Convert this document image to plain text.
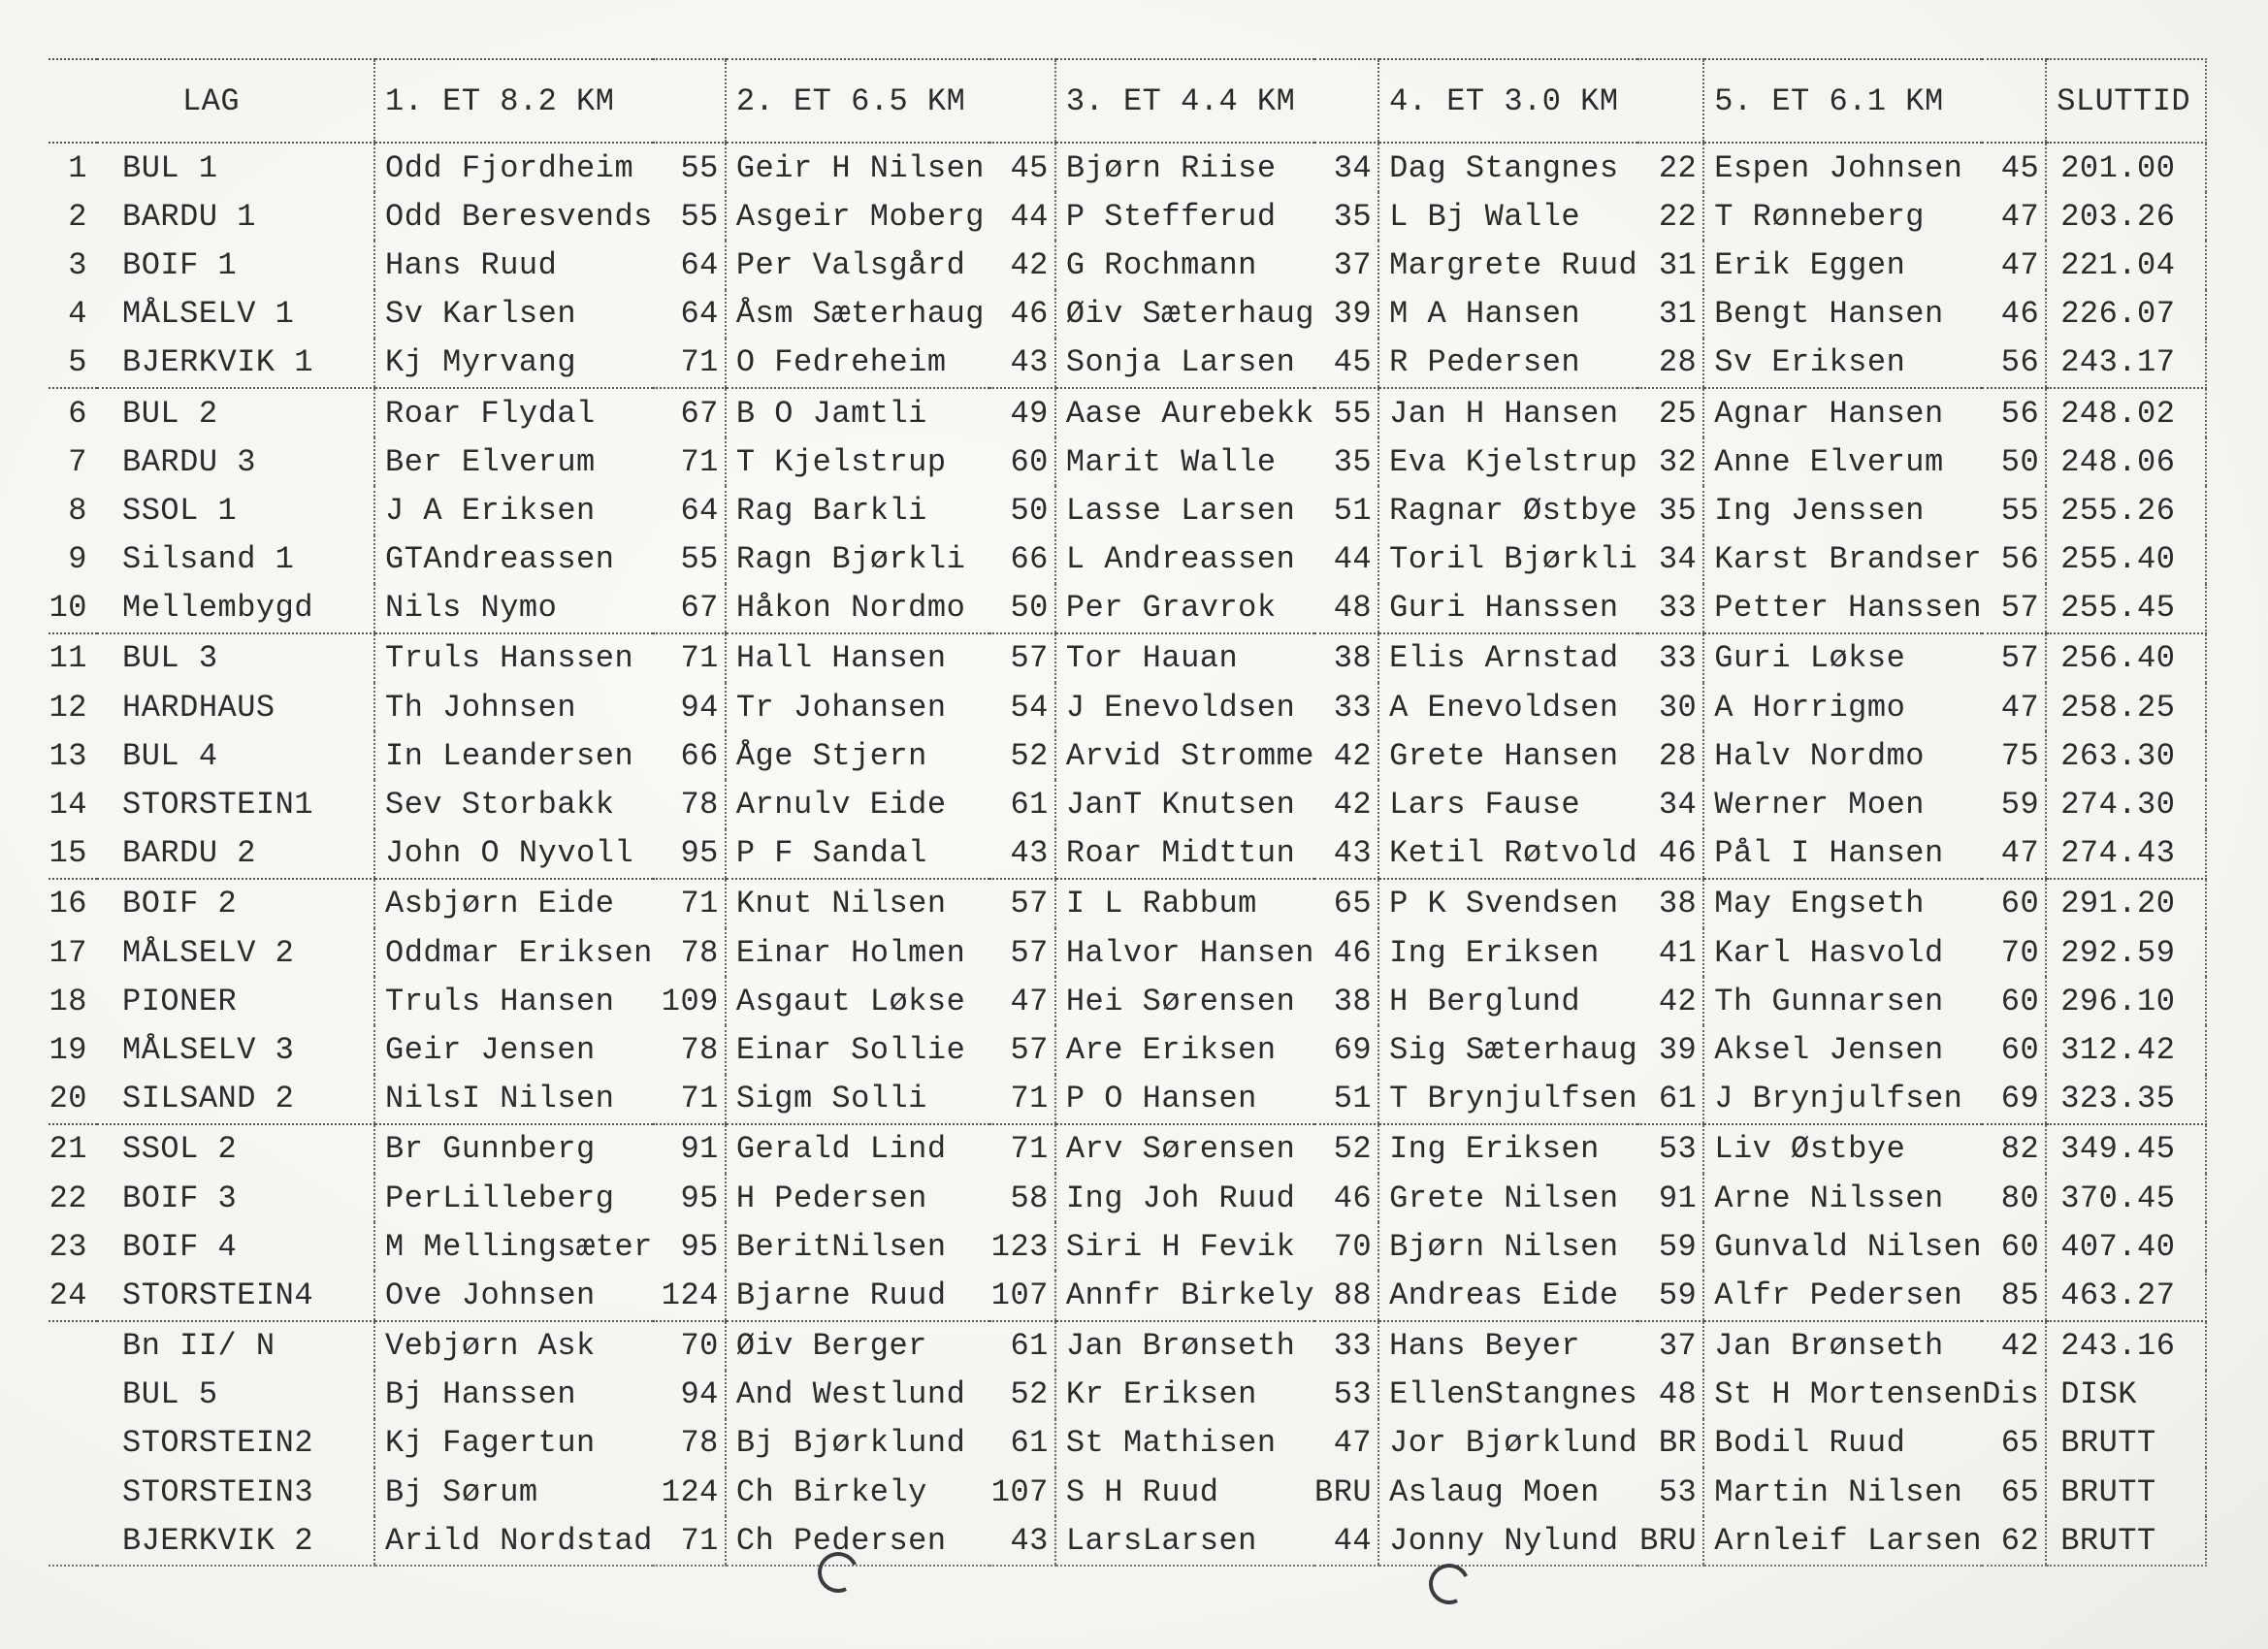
LAG		1. ET 8.2 KM		2. ET 6.5 KM		3. ET 4.4 KM		4. ET 3.0 KM		5. ET 6.1 KM		SLUTTID
1	BUL 1	Odd Fjordheim	55	Geir H Nilsen	45	Bjørn Riise	34	Dag Stangnes	22	Espen Johnsen	45	201.00
2	BARDU 1	Odd Beresvends	55	Asgeir Moberg	44	P Stefferud	35	L Bj Walle	22	T Rønneberg	47	203.26
3	BOIF 1	Hans Ruud	64	Per Valsgård	42	G Rochmann	37	Margrete Ruud	31	Erik Eggen	47	221.04
4	MÅLSELV 1	Sv Karlsen	64	Åsm Sæterhaug	46	Øiv Sæterhaug	39	M A Hansen	31	Bengt Hansen	46	226.07
5	BJERKVIK 1	Kj Myrvang	71	O Fedreheim	43	Sonja Larsen	45	R Pedersen	28	Sv Eriksen	56	243.17
6	BUL 2	Roar Flydal	67	B O Jamtli	49	Aase Aurebekk	55	Jan H Hansen	25	Agnar Hansen	56	248.02
7	BARDU 3	Ber Elverum	71	T Kjelstrup	60	Marit Walle	35	Eva Kjelstrup	32	Anne Elverum	50	248.06
8	SSOL 1	J A Eriksen	64	Rag Barkli	50	Lasse Larsen	51	Ragnar Østbye	35	Ing Jenssen	55	255.26
9	Silsand 1	GTAndreassen	55	Ragn Bjørkli	66	L Andreassen	44	Toril Bjørkli	34	Karst Brandser	56	255.40
10	Mellembygd	Nils Nymo	67	Håkon Nordmo	50	Per Gravrok	48	Guri Hanssen	33	Petter Hanssen	57	255.45
11	BUL 3	Truls Hanssen	71	Hall Hansen	57	Tor Hauan	38	Elis Arnstad	33	Guri Løkse	57	256.40
12	HARDHAUS	Th Johnsen	94	Tr Johansen	54	J Enevoldsen	33	A Enevoldsen	30	A Horrigmo	47	258.25
13	BUL 4	In Leandersen	66	Åge Stjern	52	Arvid Stromme	42	Grete Hansen	28	Halv Nordmo	75	263.30
14	STORSTEIN1	Sev Storbakk	78	Arnulv Eide	61	JanT Knutsen	42	Lars Fause	34	Werner Moen	59	274.30
15	BARDU 2	John O Nyvoll	95	P F Sandal	43	Roar Midttun	43	Ketil Røtvold	46	Pål I Hansen	47	274.43
16	BOIF 2	Asbjørn Eide	71	Knut Nilsen	57	I L Rabbum	65	P K Svendsen	38	May Engseth	60	291.20
17	MÅLSELV 2	Oddmar Eriksen	78	Einar Holmen	57	Halvor Hansen	46	Ing Eriksen	41	Karl Hasvold	70	292.59
18	PIONER	Truls Hansen	109	Asgaut Løkse	47	Hei Sørensen	38	H Berglund	42	Th Gunnarsen	60	296.10
19	MÅLSELV 3	Geir Jensen	78	Einar Sollie	57	Are Eriksen	69	Sig Sæterhaug	39	Aksel Jensen	60	312.42
20	SILSAND 2	NilsI Nilsen	71	Sigm Solli	71	P O Hansen	51	T Brynjulfsen	61	J Brynjulfsen	69	323.35
21	SSOL 2	Br Gunnberg	91	Gerald Lind	71	Arv Sørensen	52	Ing Eriksen	53	Liv Østbye	82	349.45
22	BOIF 3	PerLilleberg	95	H Pedersen	58	Ing Joh Ruud	46	Grete Nilsen	91	Arne Nilssen	80	370.45
23	BOIF 4	M Mellingsæter	95	BeritNilsen	123	Siri H Fevik	70	Bjørn Nilsen	59	Gunvald Nilsen	60	407.40
24	STORSTEIN4	Ove Johnsen	124	Bjarne Ruud	107	Annfr Birkely	88	Andreas Eide	59	Alfr Pedersen	85	463.27
	Bn II/ N	Vebjørn Ask	70	Øiv Berger	61	Jan Brønseth	33	Hans Beyer	37	Jan Brønseth	42	243.16
	BUL 5	Bj Hanssen	94	And Westlund	52	Kr Eriksen	53	EllenStangnes	48	St H Mortensen	Dis	DISK
	STORSTEIN2	Kj Fagertun	78	Bj Bjørklund	61	St Mathisen	47	Jor Bjørklund	BR	Bodil Ruud	65	BRUTT
	STORSTEIN3	Bj Sørum	124	Ch Birkely	107	S H Ruud	BRU	Aslaug Moen	53	Martin Nilsen	65	BRUTT
	BJERKVIK 2	Arild Nordstad	71	Ch Pedersen	43	LarsLarsen	44	Jonny Nylund	BRU	Arnleif Larsen	62	BRUTT
